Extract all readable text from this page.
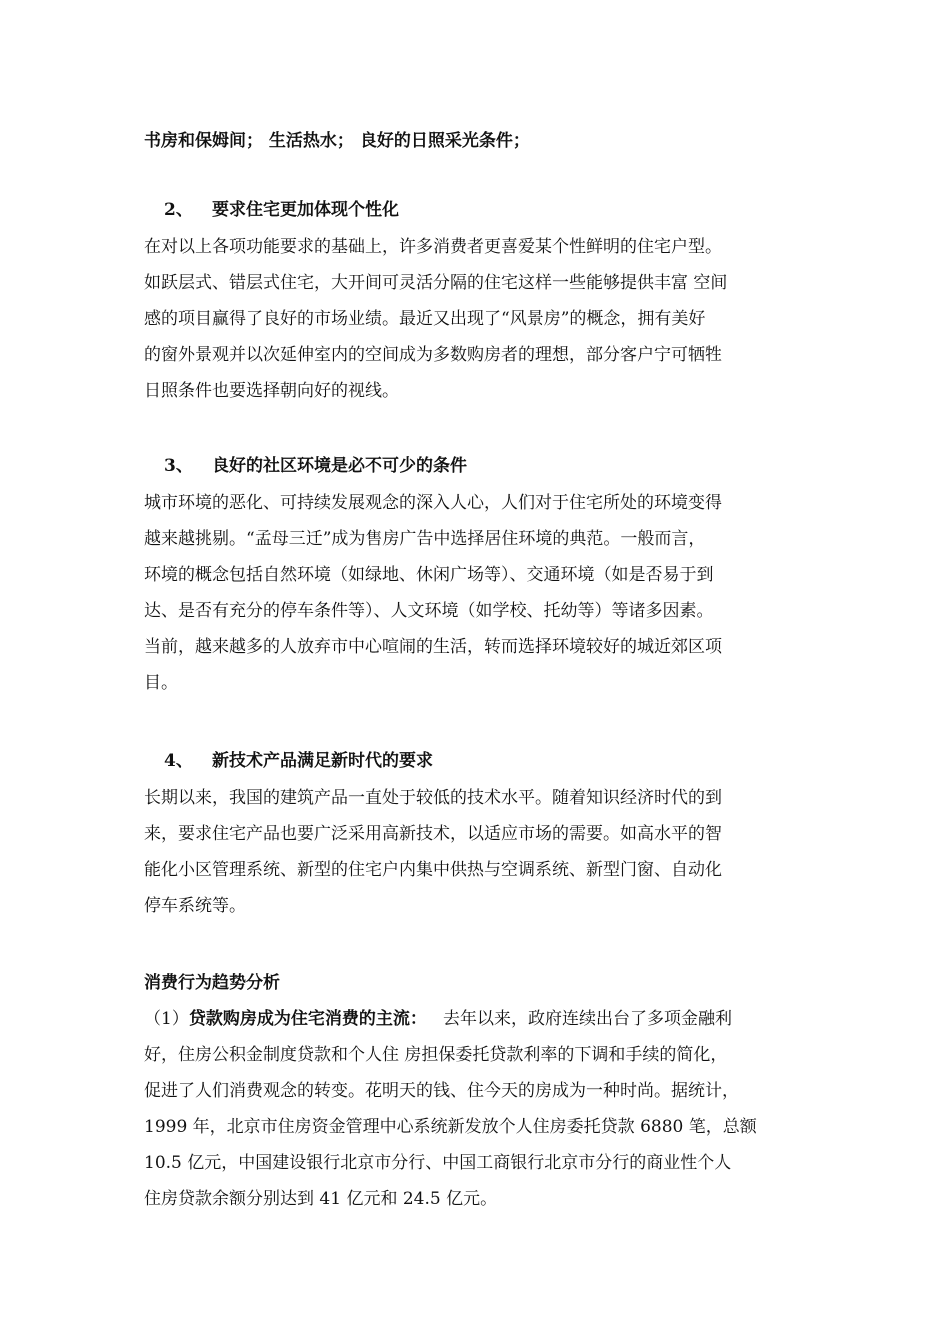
书房和保姆间； 生活热水； 良好的日照采光条件；

2、 要求住宅更加体现个性化

在对以上各项功能要求的基础上，许多消费者更喜爱某个性鲜明的住宅户型。

如跃层式、错层式住宅，大开间可灵活分隔的住宅这样一些能够提供丰富 空间

感的项目赢得了良好的市场业绩。最近又出现了“风景房”的概念，拥有美好

的窗外景观并以次延伸室内的空间成为多数购房者的理想，部分客户宁可牺牲

日照条件也要选择朝向好的视线。

3、 良好的社区环境是必不可少的条件

城市环境的恶化、可持续发展观念的深入人心，人们对于住宅所处的环境变得

越来越挑剔。“孟母三迁”成为售房广告中选择居住环境的典范。一般而言，

环境的概念包括自然环境（如绿地、休闲广场等）、交通环境（如是否易于到

达、是否有充分的停车条件等）、人文环境（如学校、托幼等）等诸多因素。

当前，越来越多的人放弃市中心喧闹的生活，转而选择环境较好的城近郊区项

目。

4、 新技术产品满足新时代的要求

长期以来，我国的建筑产品一直处于较低的技术水平。随着知识经济时代的到

来，要求住宅产品也要广泛采用高新技术，以适应市场的需要。如高水平的智

能化小区管理系统、新型的住宅户内集中供热与空调系统、新型门窗、自动化

停车系统等。

消费行为趋势分析

（1）贷款购房成为住宅消费的主流：   去年以来，政府连续出台了多项金融利

好，住房公积金制度贷款和个人住 房担保委托贷款利率的下调和手续的简化，

促进了人们消费观念的转变。花明天的钱、住今天的房成为一种时尚。据统计，

1999 年，北京市住房资金管理中心系统新发放个人住房委托贷款 6880 笔，总额

10.5 亿元，中国建设银行北京市分行、中国工商银行北京市分行的商业性个人

住房贷款余额分别达到 41 亿元和 24.5 亿元。
